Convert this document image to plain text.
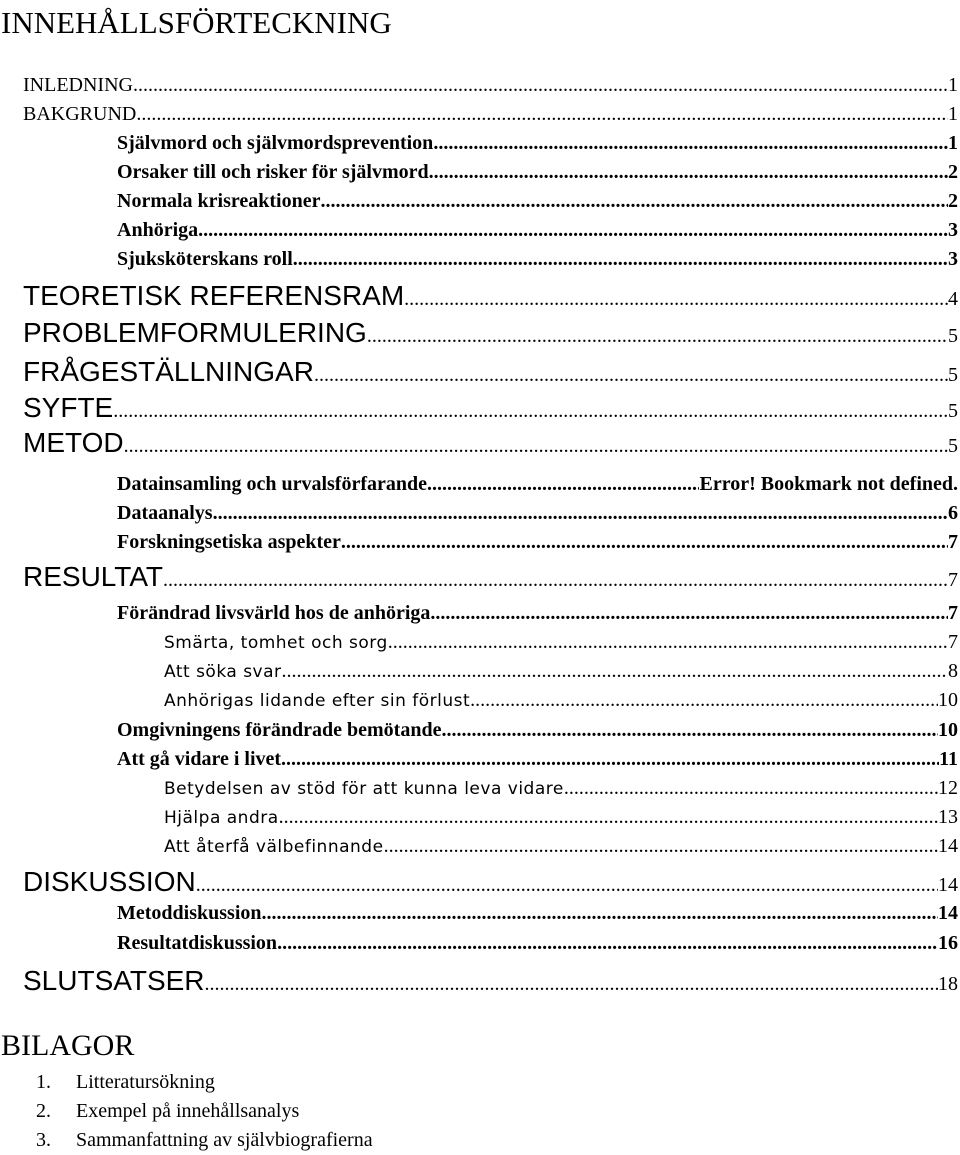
INNEHÅLLSFÖRTECKNING
INLEDNING .....	1
BAKGRUND .....	1
Självmord och självmordsprevention .....	1
Orsaker till och risker för självmord .....	2
Normala krisreaktioner .....	2
Anhöriga .....	3
Sjuksköterskans roll .....	3
TEORETISK REFERENSRAM .....	4
PROBLEMFORMULERING .....	5
FRÅGESTÄLLNINGAR .....	5
SYFTE .....	5
METOD .....	5
Datainsamling och urvalsförfarande .....	Error! Bookmark not defined.
Dataanalys .....	6
Forskningsetiska aspekter .....	7
RESULTAT .....	7
Förändrad livsvärld hos de anhöriga .....	7
Smärta, tomhet och sorg .....	7
Att söka svar .....	8
Anhörigas lidande efter sin förlust .....	10
Omgivningens förändrade bemötande .....	10
Att gå vidare i livet .....	11
Betydelsen av stöd för att kunna leva vidare .....	12
Hjälpa andra .....	13
Att återfå välbefinnande .....	14
DISKUSSION .....	14
Metoddiskussion .....	14
Resultatdiskussion .....	16
SLUTSATSER .....	18
BILAGOR
1.	Litteratursökning
2.	Exempel på innehållsanalys
3.	Sammanfattning av självbiografierna
